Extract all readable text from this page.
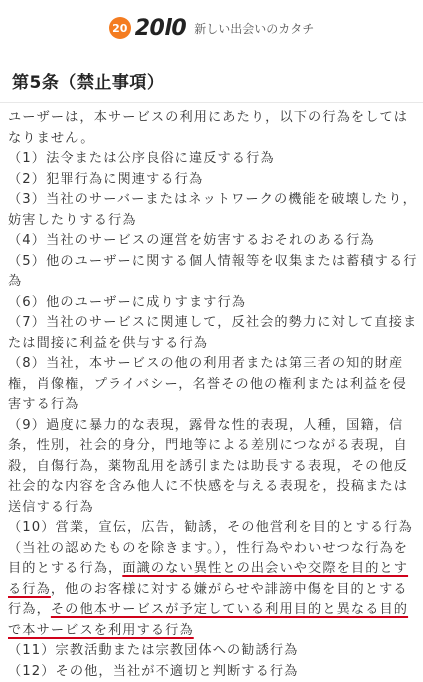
20 20l0 新しい出会いのカタチ
第5条（禁止事項）

ユーザーは，本サービスの利用にあたり，以下の行為をしてはなりません。

（1）法令または公序良俗に違反する行為

（2）犯罪行為に関連する行為

（3）当社のサーバーまたはネットワークの機能を破壊したり，妨害したりする行為

（4）当社のサービスの運営を妨害するおそれのある行為

（5）他のユーザーに関する個人情報等を収集または蓄積する行為

（6）他のユーザーに成りすます行為

（7）当社のサービスに関連して，反社会的勢力に対して直接または間接に利益を供与する行為

（8）当社，本サービスの他の利用者または第三者の知的財産権，肖像権，プライバシー，名誉その他の権利または利益を侵害する行為

（9）過度に暴力的な表現，露骨な性的表現，人種，国籍，信条，性別，社会的身分，門地等による差別につながる表現，自殺，自傷行為，薬物乱用を誘引または助長する表現，その他反社会的な内容を含み他人に不快感を与える表現を，投稿または送信する行為

（10）営業，宣伝，広告，勧誘，その他営利を目的とする行為（当社の認めたものを除きます。），性行為やわいせつな行為を目的とする行為，面識のない異性との出会いや交際を目的とする行為，他のお客様に対する嫌がらせや誹謗中傷を目的とする行為，その他本サービスが予定している利用目的と異なる目的で本サービスを利用する行為

（11）宗教活動または宗教団体への勧誘行為

（12）その他，当社が不適切と判断する行為
